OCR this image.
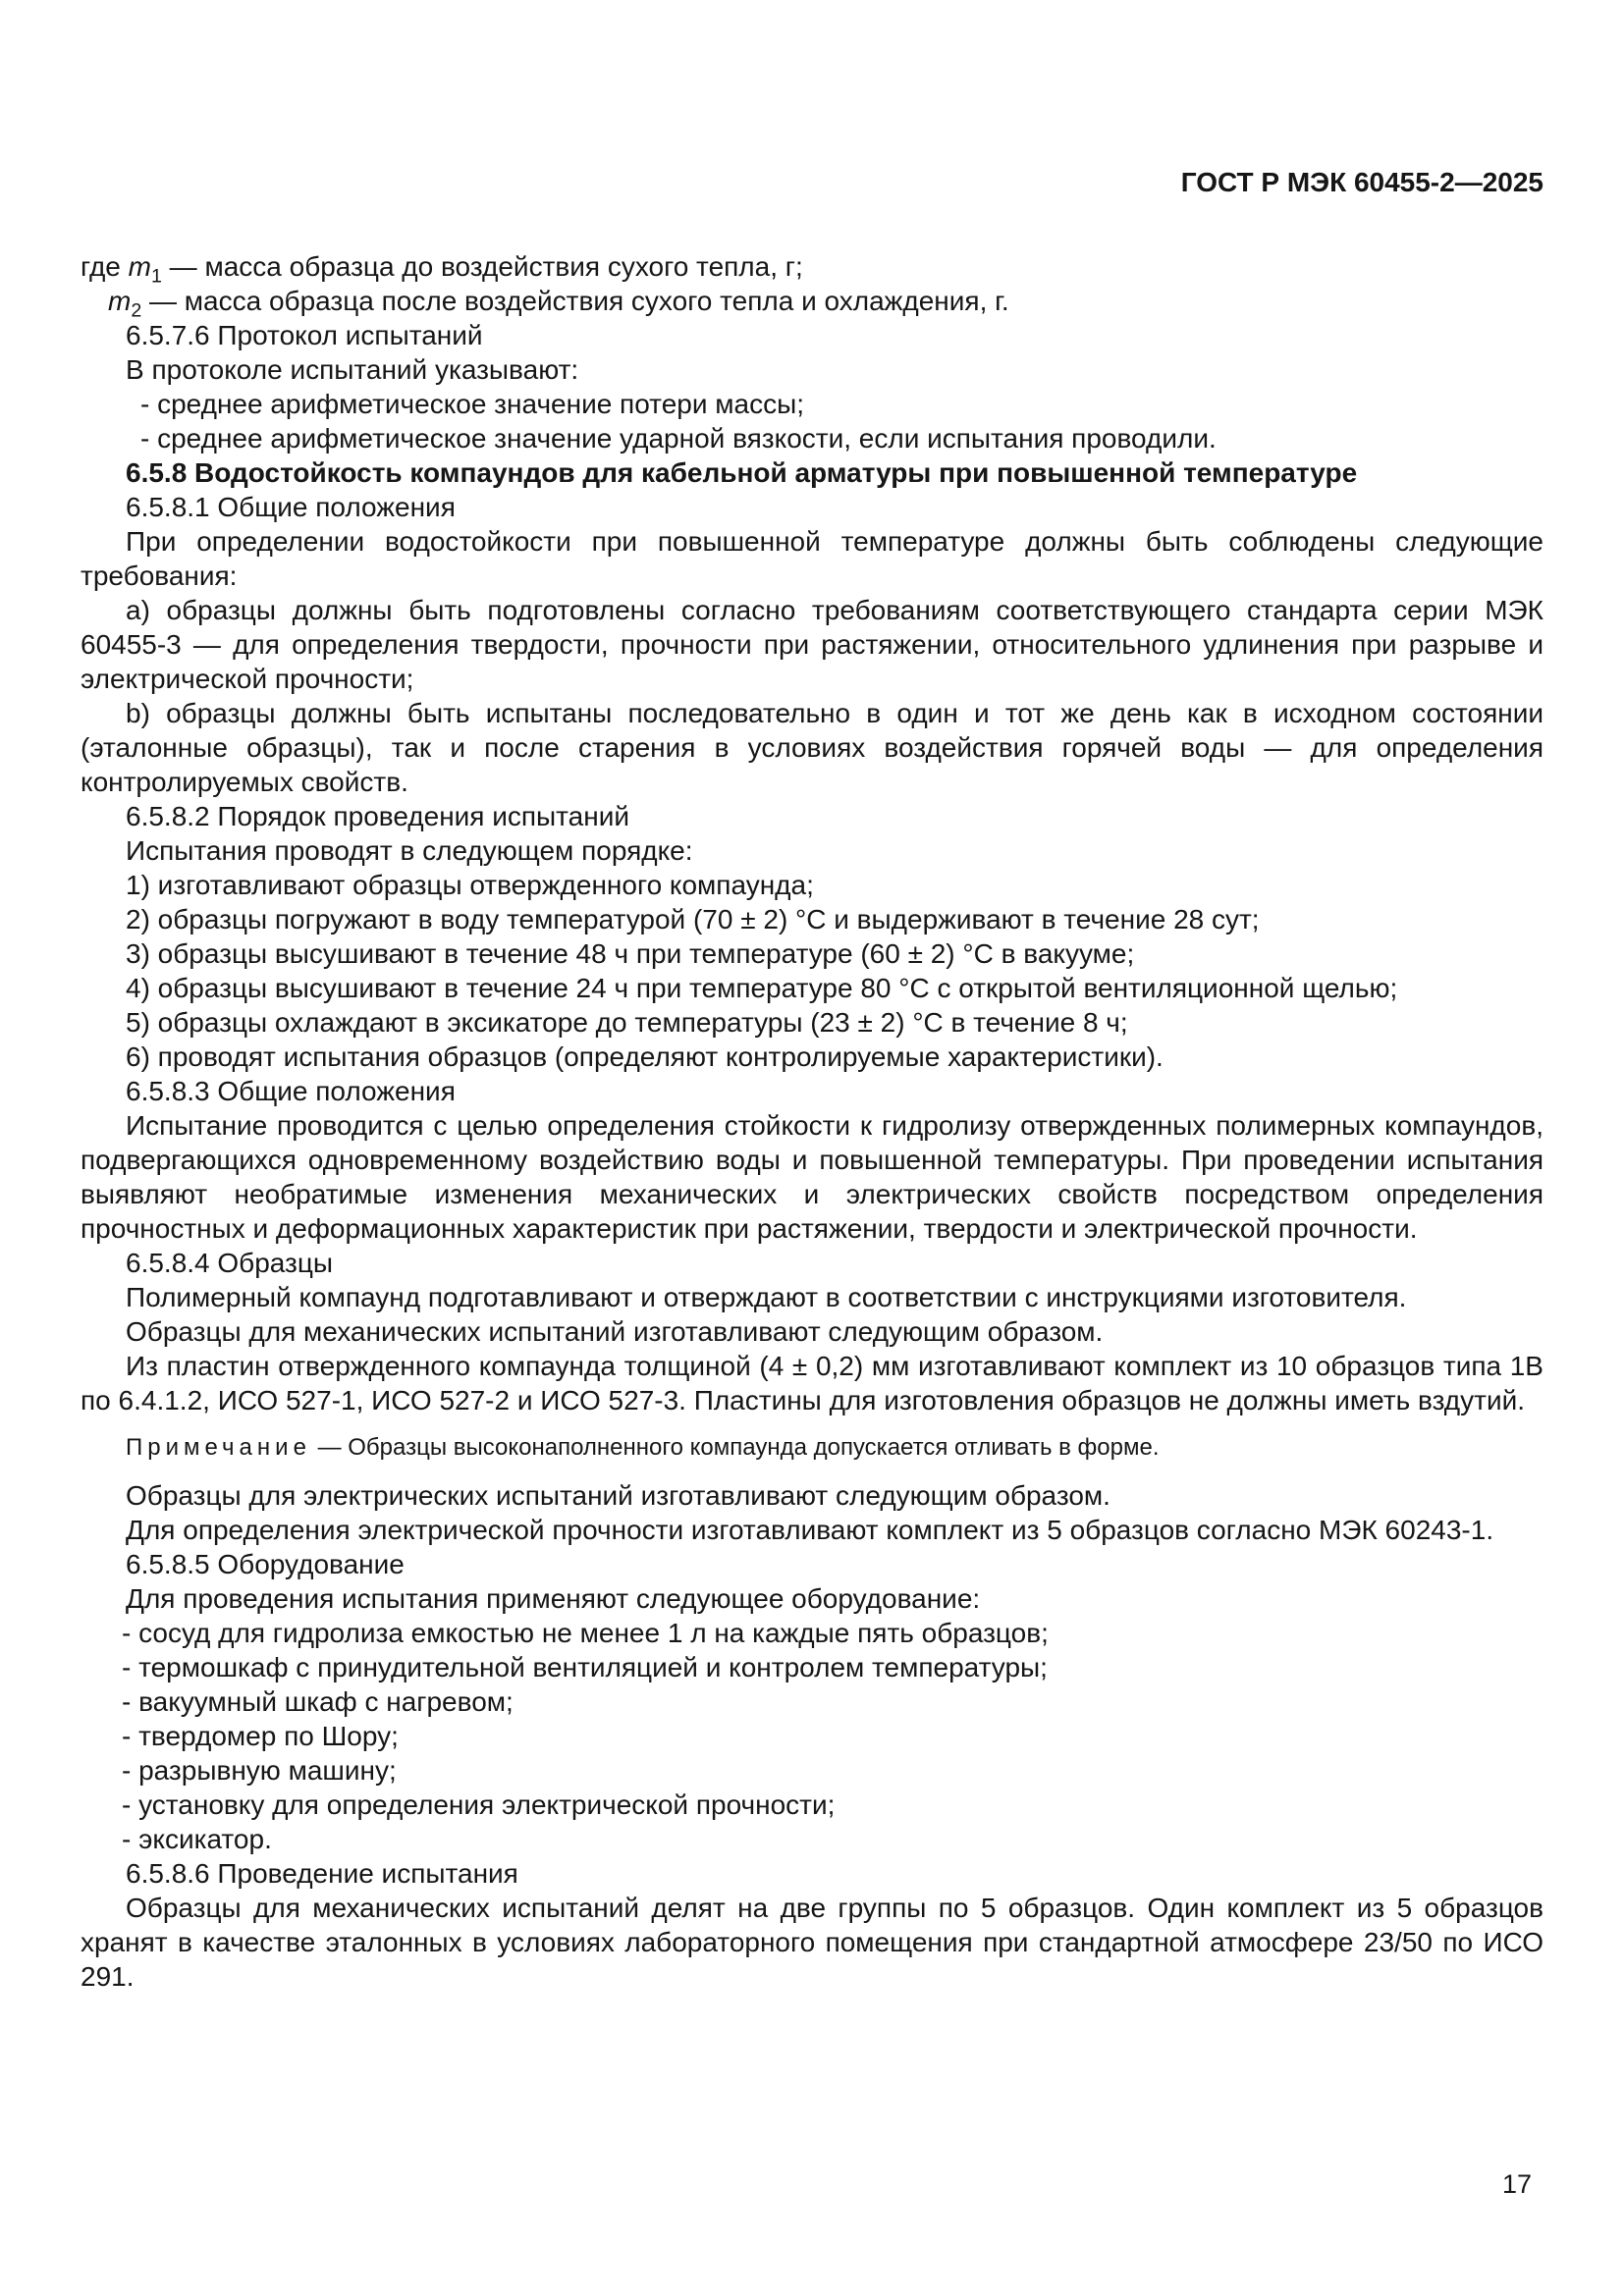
ГОСТ Р МЭК 60455-2—2025
где $m_1$ — масса образца до воздействия сухого тепла, г;
$m_2$ — масса образца после воздействия сухого тепла и охлаждения, г.
6.5.7.6 Протокол испытаний
В протоколе испытаний указывают:
- среднее арифметическое значение потери массы;
- среднее арифметическое значение ударной вязкости, если испытания проводили.
6.5.8 Водостойкость компаундов для кабельной арматуры при повышенной температуре
6.5.8.1 Общие положения
При определении водостойкости при повышенной температуре должны быть соблюдены следующие требования:
a) образцы должны быть подготовлены согласно требованиям соответствующего стандарта серии МЭК 60455-3 — для определения твердости, прочности при растяжении, относительного удлинения при разрыве и электрической прочности;
b) образцы должны быть испытаны последовательно в один и тот же день как в исходном состоянии (эталонные образцы), так и после старения в условиях воздействия горячей воды — для определения контролируемых свойств.
6.5.8.2 Порядок проведения испытаний
Испытания проводят в следующем порядке:
1) изготавливают образцы отвержденного компаунда;
2) образцы погружают в воду температурой (70 ± 2) °С и выдерживают в течение 28 сут;
3) образцы высушивают в течение 48 ч при температуре (60 ± 2) °С в вакууме;
4) образцы высушивают в течение 24 ч при температуре 80 °С с открытой вентиляционной щелью;
5) образцы охлаждают в эксикаторе до температуры (23 ± 2) °С в течение 8 ч;
6) проводят испытания образцов (определяют контролируемые характеристики).
6.5.8.3 Общие положения
Испытание проводится с целью определения стойкости к гидролизу отвержденных полимерных компаундов, подвергающихся одновременному воздействию воды и повышенной температуры. При проведении испытания выявляют необратимые изменения механических и электрических свойств посредством определения прочностных и деформационных характеристик при растяжении, твердости и электрической прочности.
6.5.8.4 Образцы
Полимерный компаунд подготавливают и отверждают в соответствии с инструкциями изготовителя.
Образцы для механических испытаний изготавливают следующим образом.
Из пластин отвержденного компаунда толщиной (4 ± 0,2) мм изготавливают комплект из 10 образцов типа 1В по 6.4.1.2, ИСО 527-1, ИСО 527-2 и ИСО 527-3. Пластины для изготовления образцов не должны иметь вздутий.
Примечание — Образцы высоконаполненного компаунда допускается отливать в форме.
Образцы для электрических испытаний изготавливают следующим образом.
Для определения электрической прочности изготавливают комплект из 5 образцов согласно МЭК 60243-1.
6.5.8.5 Оборудование
Для проведения испытания применяют следующее оборудование:
- сосуд для гидролиза емкостью не менее 1 л на каждые пять образцов;
- термошкаф с принудительной вентиляцией и контролем температуры;
- вакуумный шкаф с нагревом;
- твердомер по Шору;
- разрывную машину;
- установку для определения электрической прочности;
- эксикатор.
6.5.8.6 Проведение испытания
Образцы для механических испытаний делят на две группы по 5 образцов. Один комплект из 5 образцов хранят в качестве эталонных в условиях лабораторного помещения при стандартной атмосфере 23/50 по ИСО 291.
17
